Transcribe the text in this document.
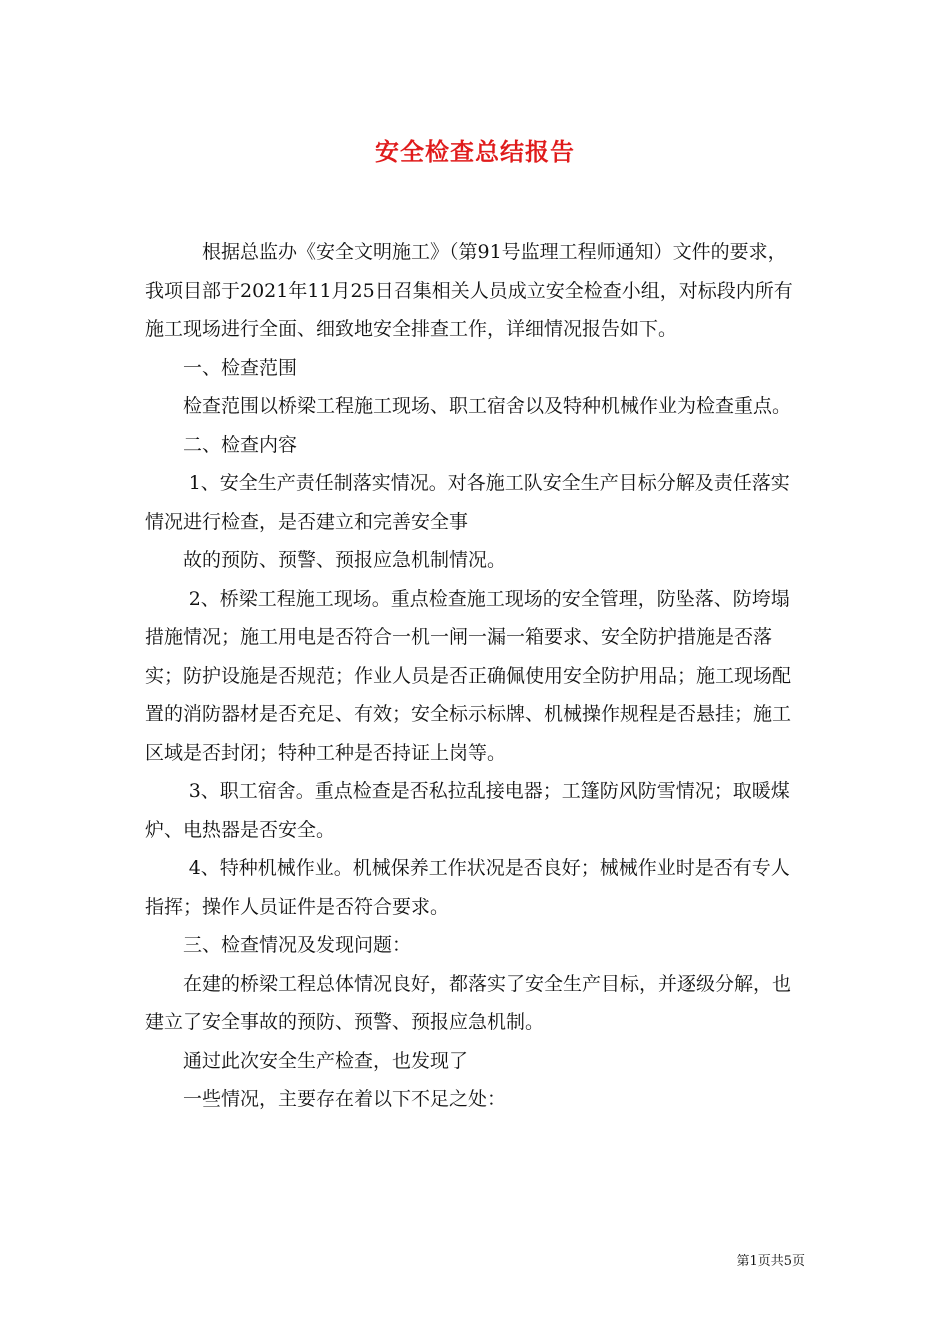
安全检查总结报告

根据总监办《安全文明施工》（第91号监理工程师通知）文件的要求，我项目部于2021年11月25日召集相关人员成立安全检查小组，对标段内所有施工现场进行全面、细致地安全排查工作，详细情况报告如下。

一、检查范围

检查范围以桥梁工程施工现场、职工宿舍以及特种机械作业为检查重点。

二、检查内容

1、安全生产责任制落实情况。对各施工队安全生产目标分解及责任落实情况进行检查，是否建立和完善安全事

故的预防、预警、预报应急机制情况。

2、桥梁工程施工现场。重点检查施工现场的安全管理，防坠落、防垮塌措施情况；施工用电是否符合一机一闸一漏一箱要求、安全防护措施是否落实；防护设施是否规范；作业人员是否正确佩使用安全防护用品；施工现场配置的消防器材是否充足、有效；安全标示标牌、机械操作规程是否悬挂；施工区域是否封闭；特种工种是否持证上岗等。

3、职工宿舍。重点检查是否私拉乱接电器；工篷防风防雪情况；取暖煤炉、电热器是否安全。

4、特种机械作业。机械保养工作状况是否良好；械械作业时是否有专人指挥；操作人员证件是否符合要求。

三、检查情况及发现问题：

在建的桥梁工程总体情况良好，都落实了安全生产目标，并逐级分解，也建立了安全事故的预防、预警、预报应急机制。

通过此次安全生产检查，也发现了

一些情况，主要存在着以下不足之处：

第1页共5页
